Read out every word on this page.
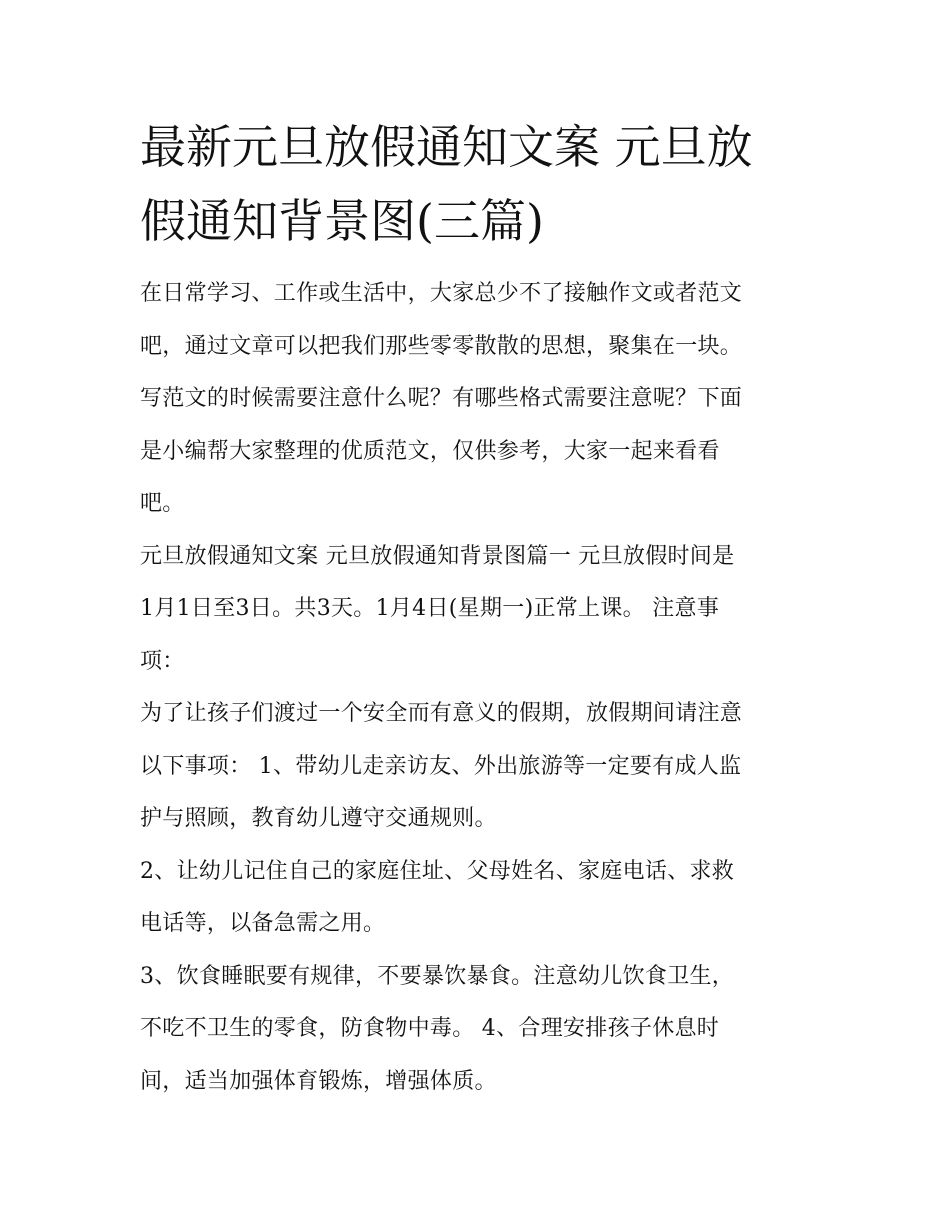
最新元旦放假通知文案 元旦放
假通知背景图(三篇)
在日常学习、工作或生活中，大家总少不了接触作文或者范文
吧，通过文章可以把我们那些零零散散的思想，聚集在一块。
写范文的时候需要注意什么呢？有哪些格式需要注意呢？下面
是小编帮大家整理的优质范文，仅供参考，大家一起来看看
吧。
元旦放假通知文案 元旦放假通知背景图篇一 元旦放假时间是
1月1日至3日。共3天。1月4日(星期一)正常上课。 注意事
项：
为了让孩子们渡过一个安全而有意义的假期，放假期间请注意
以下事项： 1、带幼儿走亲访友、外出旅游等一定要有成人监
护与照顾，教育幼儿遵守交通规则。
2、让幼儿记住自己的家庭住址、父母姓名、家庭电话、求救
电话等，以备急需之用。
3、饮食睡眠要有规律，不要暴饮暴食。注意幼儿饮食卫生，
不吃不卫生的零食，防食物中毒。 4、合理安排孩子休息时
间，适当加强体育锻炼，增强体质。
